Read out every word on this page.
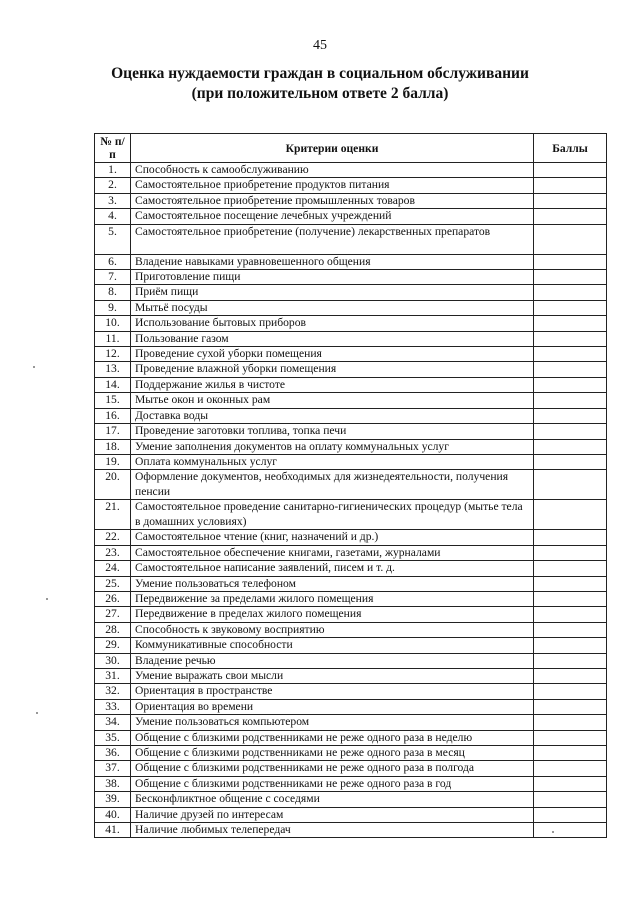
45
Оценка нуждаемости граждан в социальном обслуживании
(при положительном ответе 2 балла)
№ п/п	Критерии оценки	Баллы
1.	Способность к самообслуживанию	
2.	Самостоятельное приобретение продуктов питания	
3.	Самостоятельное приобретение промышленных товаров	
4.	Самостоятельное посещение лечебных учреждений	
5.	Самостоятельное приобретение (получение) лекарственных препаратов	
6.	Владение навыками уравновешенного общения	
7.	Приготовление пищи	
8.	Приём пищи	
9.	Мытьё посуды	
10.	Использование бытовых приборов	
11.	Пользование газом	
12.	Проведение сухой уборки помещения	
13.	Проведение влажной уборки помещения	
14.	Поддержание жилья в чистоте	
15.	Мытье окон и оконных рам	
16.	Доставка воды	
17.	Проведение заготовки топлива, топка печи	
18.	Умение заполнения документов на оплату коммунальных услуг	
19.	Оплата коммунальных услуг	
20.	Оформление документов, необходимых для жизнедеятельности, получения пенсии	
21.	Самостоятельное проведение санитарно-гигиенических процедур (мытье тела в домашних условиях)	
22.	Самостоятельное чтение (книг, назначений и др.)	
23.	Самостоятельное обеспечение книгами, газетами, журналами	
24.	Самостоятельное написание заявлений, писем и т. д.	
25.	Умение пользоваться телефоном	
26.	Передвижение за пределами жилого помещения	
27.	Передвижение в пределах жилого помещения	
28.	Способность к звуковому восприятию	
29.	Коммуникативные способности	
30.	Владение речью	
31.	Умение выражать свои мысли	
32.	Ориентация в пространстве	
33.	Ориентация во времени	
34.	Умение пользоваться компьютером	
35.	Общение с близкими родственниками не реже одного раза в неделю	
36.	Общение с близкими родственниками не реже одного раза в месяц	
37.	Общение с близкими родственниками не реже одного раза в полгода	
38.	Общение с близкими родственниками не реже одного раза в год	
39.	Бесконфликтное общение с соседями	
40.	Наличие друзей по интересам	
41.	Наличие любимых телепередач	
